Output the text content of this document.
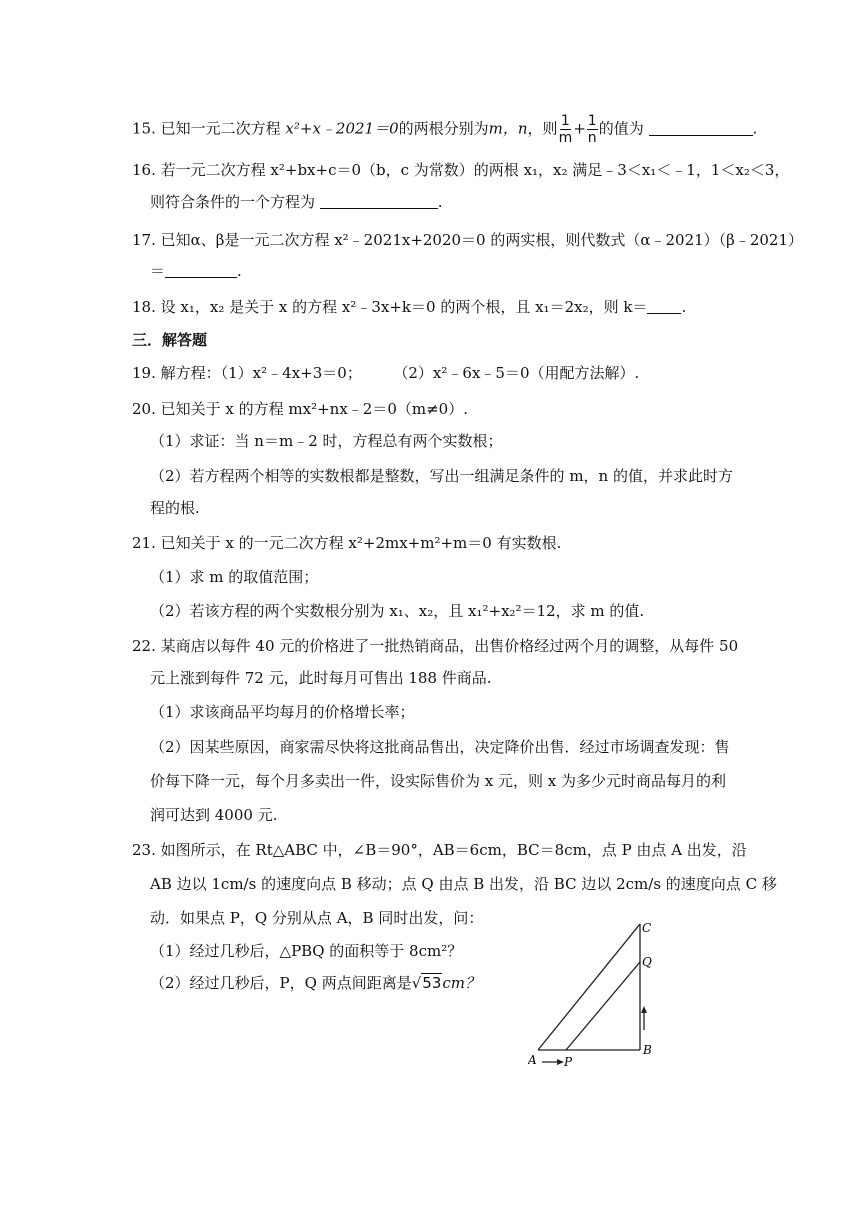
15. 已知一元二次方程 x²+x﹣2021＝0的两根分别为m，n，则 $\frac{1}{m} + \frac{1}{n}$ 的值为	.
16. 若一元二次方程 x²+bx+c＝0（b，c 为常数）的两根 x₁，x₂ 满足﹣3＜x₁＜﹣1，1＜x₂＜3，
则符合条件的一个方程为	.
17. 已知α、β是一元二次方程 x²﹣2021x+2020＝0 的两实根，则代数式（α﹣2021）（β﹣2021）
＝	.
18. 设 x₁，x₂ 是关于 x 的方程 x²﹣3x+k＝0 的两个根，且 x₁＝2x₂，则 k＝ .
三．解答题
19. 解方程：（1）x²﹣4x+3＝0； （2）x²﹣6x﹣5＝0（用配方法解）.
20. 已知关于 x 的方程 mx²+nx﹣2＝0（m≠0）.
（1）求证：当 n＝m﹣2 时，方程总有两个实数根；
（2）若方程两个相等的实数根都是整数，写出一组满足条件的 m，n 的值，并求此时方
程的根.
21. 已知关于 x 的一元二次方程 x²+2mx+m²+m＝0 有实数根.
（1）求 m 的取值范围；
（2）若该方程的两个实数根分别为 x₁、x₂，且 x₁²+x₂²＝12，求 m 的值.
22. 某商店以每件 40 元的价格进了一批热销商品，出售价格经过两个月的调整，从每件 50
元上涨到每件 72 元，此时每月可售出 188 件商品.
（1）求该商品平均每月的价格增长率；
（2）因某些原因，商家需尽快将这批商品售出，决定降价出售．经过市场调查发现：售
价每下降一元，每个月多卖出一件，设实际售价为 x 元，则 x 为多少元时商品每月的利
润可达到 4000 元.
23. 如图所示，在 Rt△ABC 中，∠B＝90°，AB＝6cm，BC＝8cm，点 P 由点 A 出发，沿
AB 边以 1cm/s 的速度向点 B 移动；点 Q 由点 B 出发，沿 BC 边以 2cm/s 的速度向点 C 移
动．如果点 P，Q 分别从点 A，B 同时出发，问：
（1）经过几秒后，△PBQ 的面积等于 8cm²？
（2）经过几秒后，P，Q 两点间距离是√53cm？
A P
B
C
Q
